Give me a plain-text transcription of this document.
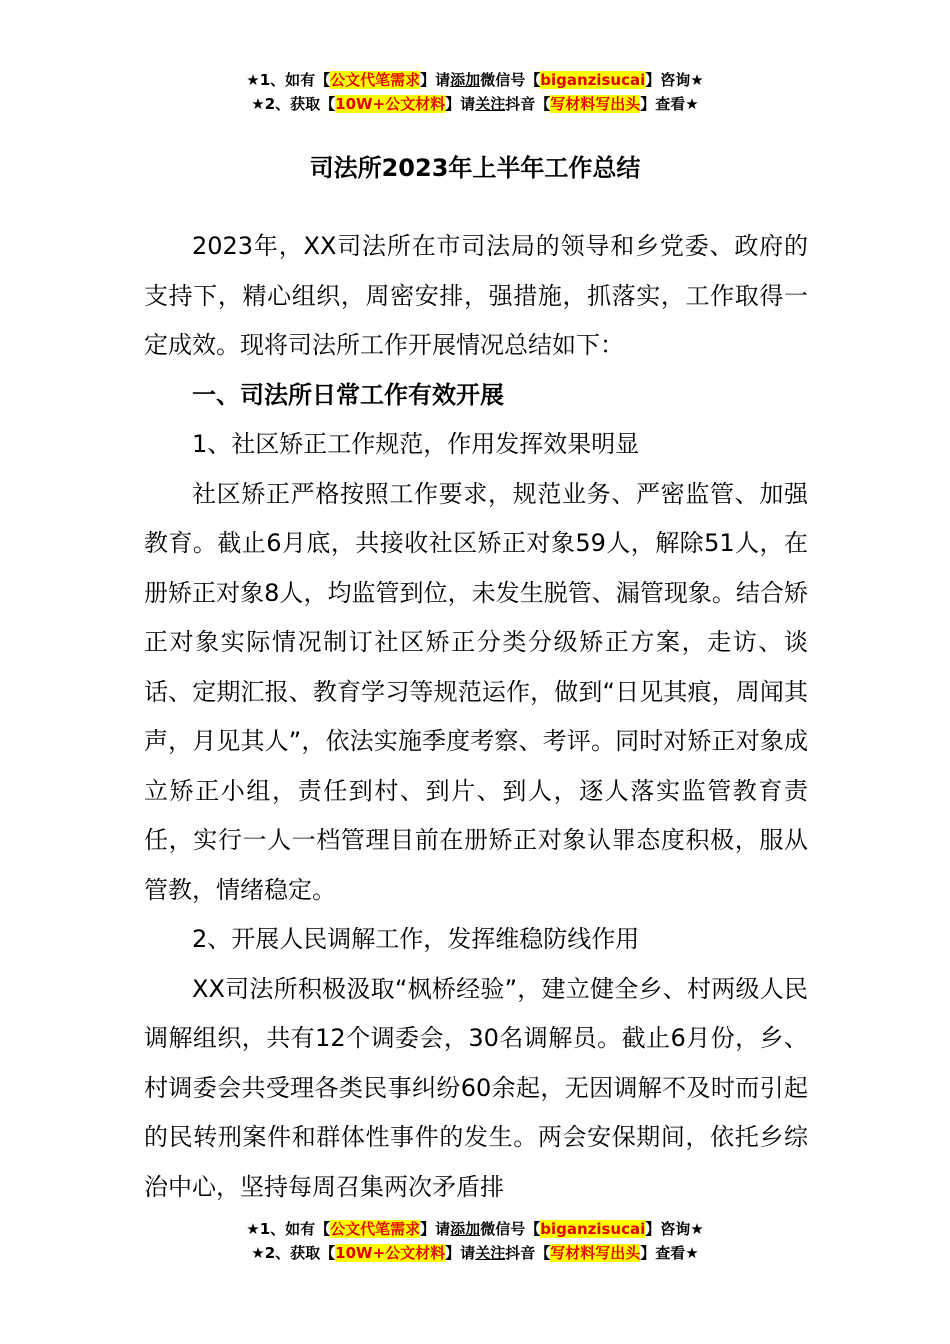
★1、如有【公文代笔需求】请添加微信号【biganzisucai】咨询★
★2、获取【10W+公文材料】请关注抖音【写材料写出头】查看★
司法所2023年上半年工作总结

2023年，XX司法所在市司法局的领导和乡党委、政府的支持下，精心组织，周密安排，强措施，抓落实，工作取得一定成效。现将司法所工作开展情况总结如下：

一、司法所日常工作有效开展

1、社区矫正工作规范，作用发挥效果明显

社区矫正严格按照工作要求，规范业务、严密监管、加强教育。截止6月底，共接收社区矫正对象59人，解除51人，在册矫正对象8人，均监管到位，未发生脱管、漏管现象。结合矫正对象实际情况制订社区矫正分类分级矫正方案，走访、谈话、定期汇报、教育学习等规范运作，做到“日见其痕，周闻其声，月见其人”，依法实施季度考察、考评。同时对矫正对象成立矫正小组，责任到村、到片、到人，逐人落实监管教育责任，实行一人一档管理目前在册矫正对象认罪态度积极，服从管教，情绪稳定。

2、开展人民调解工作，发挥维稳防线作用

XX司法所积极汲取“枫桥经验”，建立健全乡、村两级人民调解组织，共有12个调委会，30名调解员。截止6月份，乡、村调委会共受理各类民事纠纷60余起，无因调解不及时而引起的民转刑案件和群体性事件的发生。两会安保期间，依托乡综治中心，坚持每周召集两次矛盾排

★1、如有【公文代笔需求】请添加微信号【biganzisucai】咨询★
★2、获取【10W+公文材料】请关注抖音【写材料写出头】查看★
